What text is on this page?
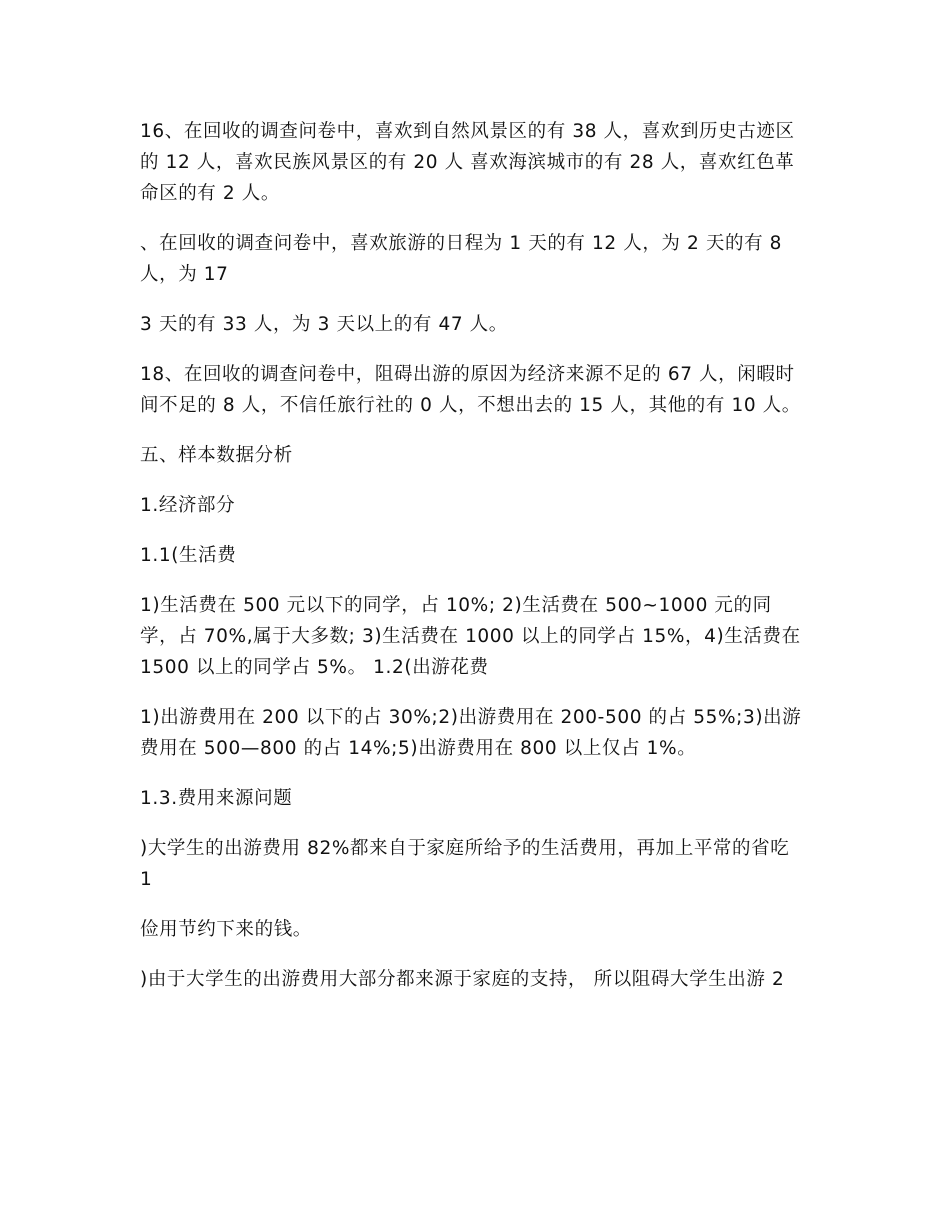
16、在回收的调查问卷中，喜欢到自然风景区的有 38 人，喜欢到历史古迹区的 12 人，喜欢民族风景区的有 20 人 喜欢海滨城市的有 28 人，喜欢红色革命区的有 2 人。

、在回收的调查问卷中，喜欢旅游的日程为 1 天的有 12 人，为 2 天的有 8 人，为 17

3 天的有 33 人，为 3 天以上的有 47 人。

18、在回收的调查问卷中，阻碍出游的原因为经济来源不足的 67 人，闲暇时间不足的 8 人，不信任旅行社的 0 人，不想出去的 15 人，其他的有 10 人。

五、样本数据分析

1.经济部分

1.1(生活费

1)生活费在 500 元以下的同学，占 10%; 2)生活费在 500~1000 元的同学，占 70%,属于大多数; 3)生活费在 1000 以上的同学占 15%，4)生活费在 1500 以上的同学占 5%。 1.2(出游花费

1)出游费用在 200 以下的占 30%;2)出游费用在 200-500 的占 55%;3)出游费用在 500—800 的占 14%;5)出游费用在 800 以上仅占 1%。

1.3.费用来源问题

)大学生的出游费用 82%都来自于家庭所给予的生活费用，再加上平常的省吃 1

俭用节约下来的钱。

)由于大学生的出游费用大部分都来源于家庭的支持， 所以阻碍大学生出游 2
